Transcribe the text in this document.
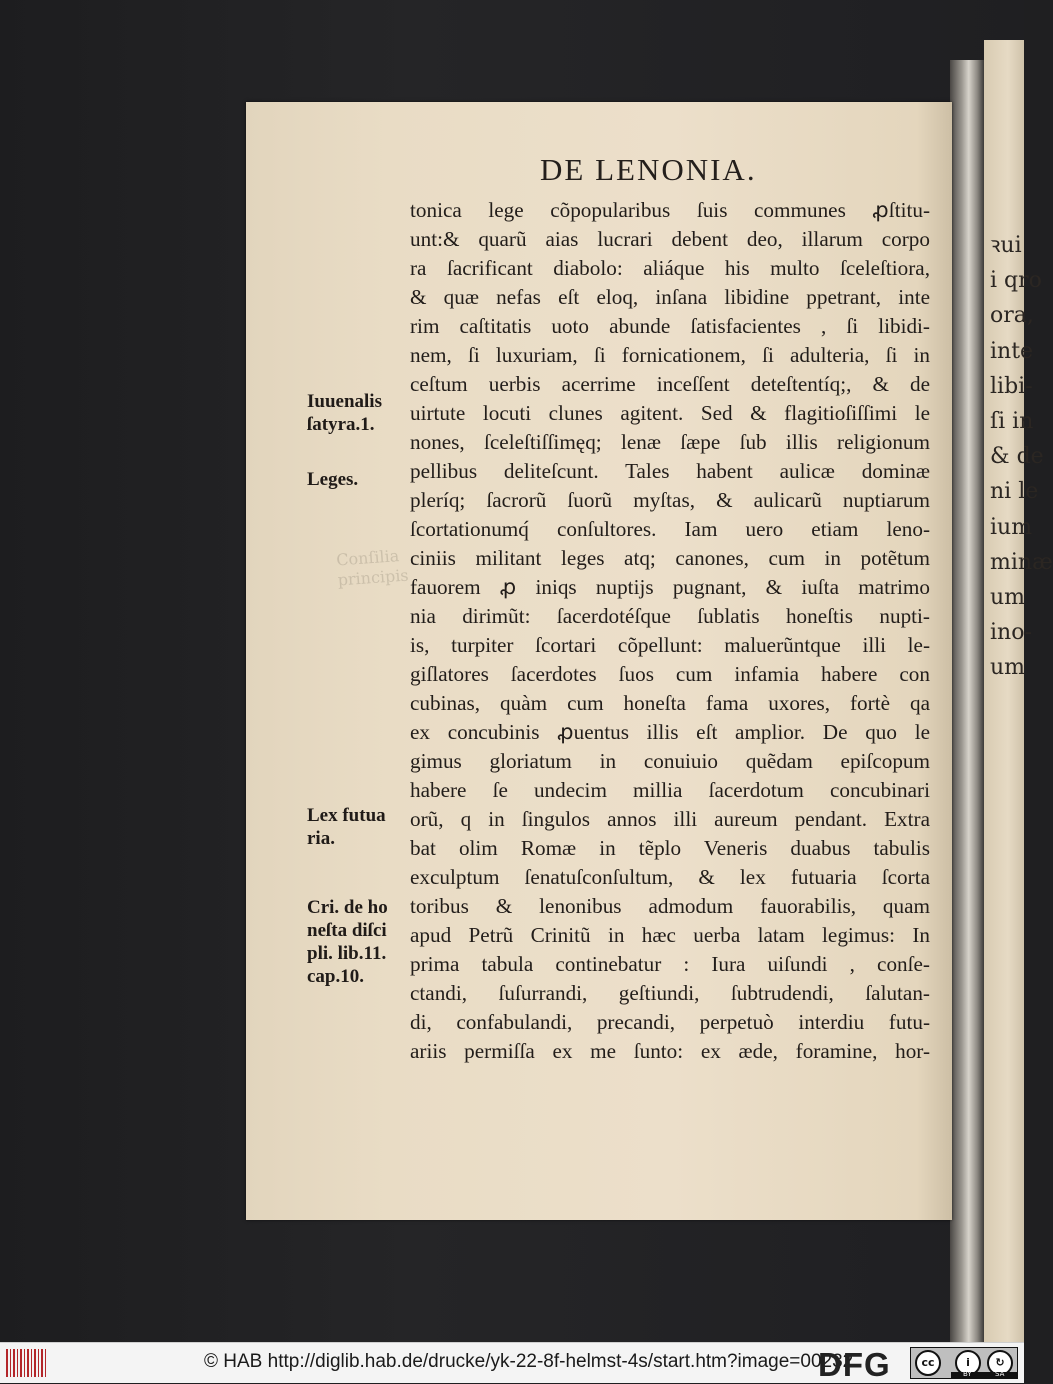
ꝛui
i qro
ora,
inte
libi-
ſi in
& de
ni le
ium
minæ
um
ino-
um
DE LENONIA.
tonica lege cõpopularibus ſuis communes ꝓſtitu-
unt:& quarũ aias lucrari debent deo, illarum corpo
ra ſacrificant diabolo: aliáque his multo ſceleſtiora,
& quæ nefas eſt eloq, inſana libidine ppetrant, inte
rim caſtitatis uoto abunde ſatisfacientes , ſi libidi-
nem, ſi luxuriam, ſi fornicationem, ſi adulteria, ſi in
ceſtum uerbis acerrime inceſſent deteſtentíq;, & de
uirtute locuti clunes agitent. Sed & flagitioſiſſimi le
nones, ſceleſtiſſimęq; lenæ ſæpe ſub illis religionum
pellibus deliteſcunt. Tales habent aulicæ dominæ
pleríq; ſacrorũ ſuorũ myſtas, & aulicarũ nuptiarum
ſcortationumq́ conſultores. Iam uero etiam leno-
ciniis militant leges atq; canones, cum in potẽtum
fauorem ꝓ iniqs nuptijs pugnant, & iuſta matrimo
nia dirimũt: ſacerdotéſque ſublatis honeſtis nupti-
is, turpiter ſcortari cõpellunt: maluerũntque illi le-
giſlatores ſacerdotes ſuos cum infamia habere con
cubinas, quàm cum honeſta fama uxores, fortè qa
ex concubinis ꝓuentus illis eſt amplior. De quo le
gimus gloriatum in conuiuio quẽdam epiſcopum
habere ſe undecim millia ſacerdotum concubinari
orũ, q in ſingulos annos illi aureum pendant. Extra
bat olim Romæ in tẽplo Veneris duabus tabulis
exculptum ſenatuſconſultum, & lex futuaria ſcortа
toribus & lenonibus admodum fauorabilis, quam
apud Petrũ Crinitũ in hæc uerba latam legimus: In
prima tabula continebatur : Iura uiſundi , conſe-
ctandi, ſuſurrandi, geſtiundi, ſubtrudendi, ſalutan-
di, confabulandi, precandi, perpetuò interdiu futu-
ariis permiſſa ex me ſunto: ex æde, foramine, hor-
Conſilia
principis
Iuuenalis
ſatyra.1.
Leges.
Lex futua
ria.
Cri. de ho
neſta diſci
pli. lib.11.
cap.10.
© HAB http://diglib.hab.de/drucke/yk-22-8f-helmst-4s/start.htm?image=00232
DFG	cc	i	↻
BY	SA
